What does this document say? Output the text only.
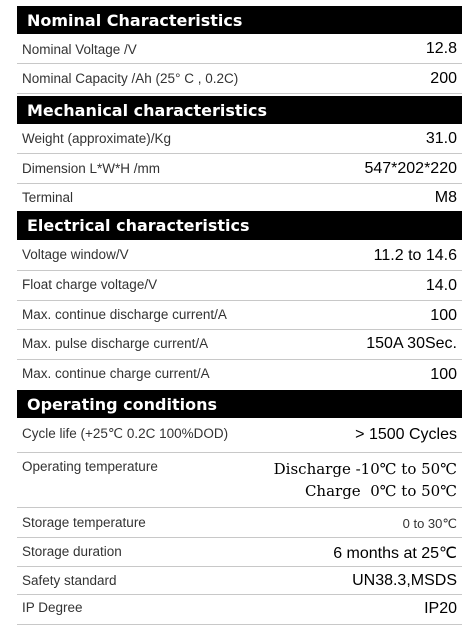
Nominal Characteristics
Nominal Voltage /V	12.8
Nominal Capacity /Ah (25° C , 0.2C)	200
Mechanical characteristics
Weight (approximate)/Kg	31.0
Dimension L*W*H /mm	547*202*220
Terminal	M8
Electrical characteristics
Voltage window/V	11.2 to 14.6
Float charge voltage/V	14.0
Max. continue discharge current/A	100
Max. pulse discharge current/A	150A 30Sec.
Max. continue charge current/A	100
Operating conditions
Cycle life (+25℃ 0.2C 100%DOD)	> 1500 Cycles
Operating temperature	Discharge -10℃ to 50℃
Charge  0℃ to 50℃
Storage temperature	0 to 30℃
Storage duration	6 months at 25℃
Safety standard	UN38.3,MSDS
IP Degree	IP20
